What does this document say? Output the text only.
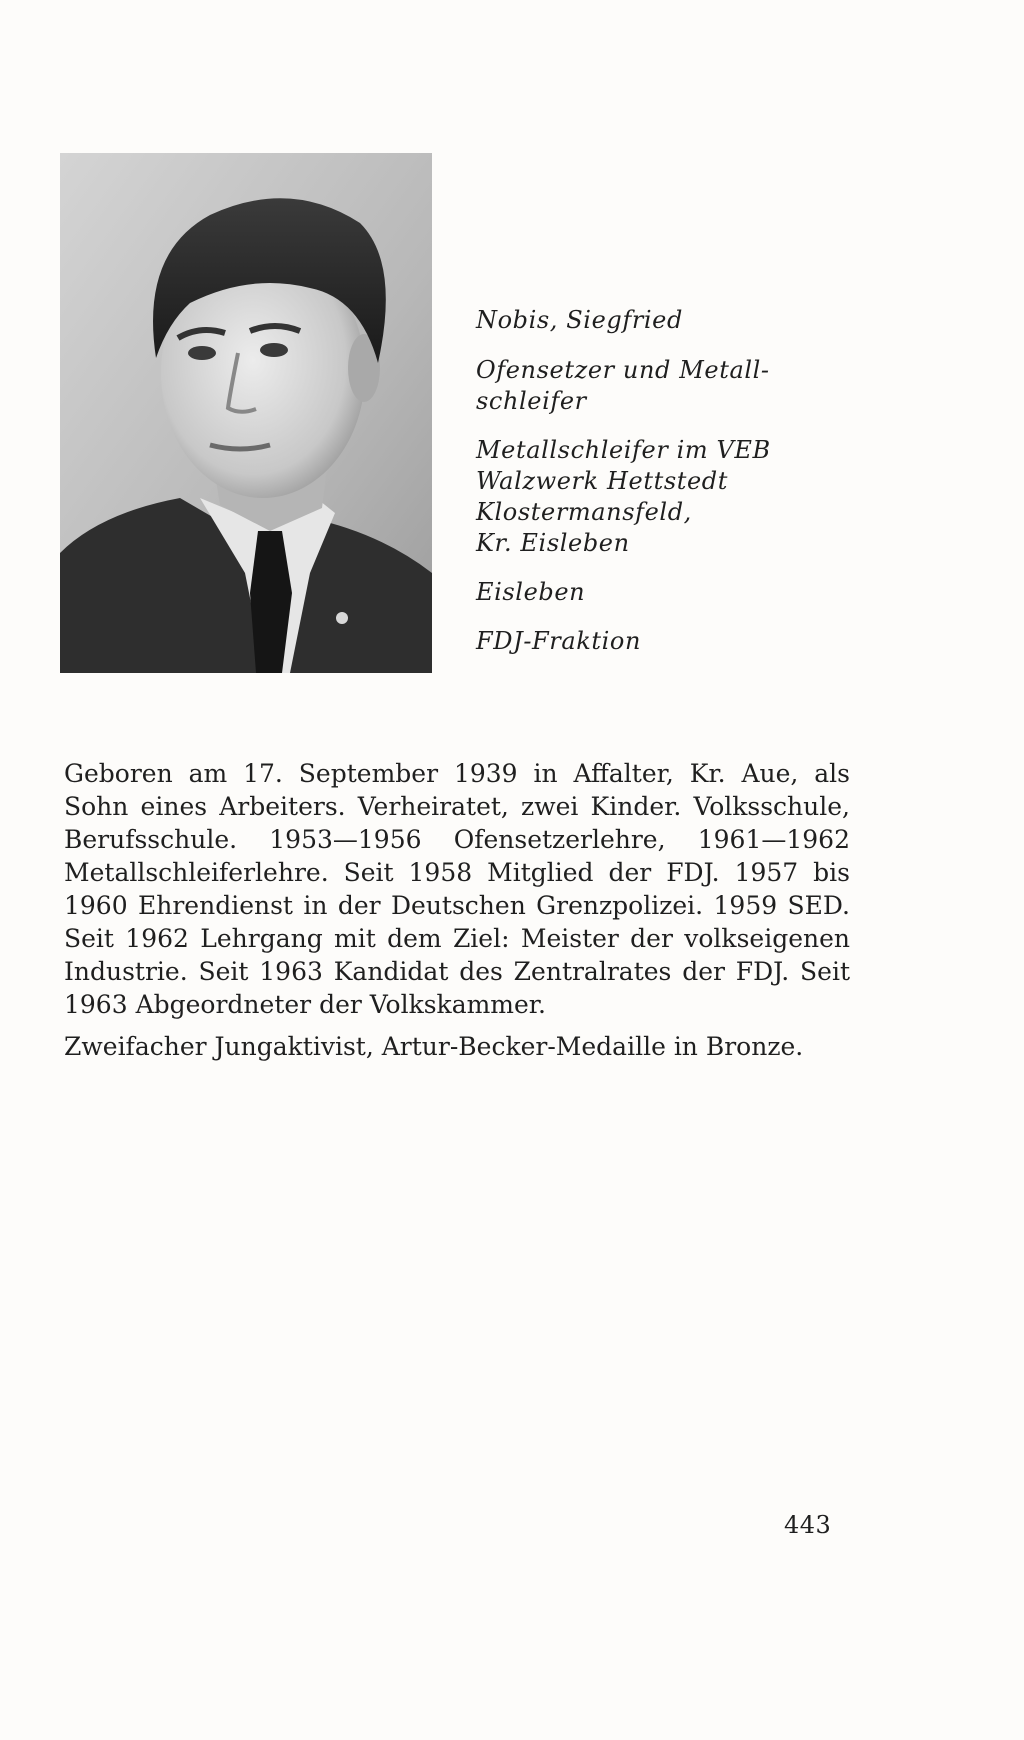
Nobis, Siegfried

Ofensetzer und Metall-
schleifer

Metallschleifer im VEB
Walzwerk Hettstedt
Klostermansfeld,
Kr. Eisleben

Eisleben

FDJ-Fraktion

Geboren am 17. September 1939 in Affalter, Kr. Aue, als Sohn eines Arbeiters. Verheiratet, zwei Kinder. Volksschule, Berufsschule. 1953—1956 Ofensetzerlehre, 1961—1962 Metallschleiferlehre. Seit 1958 Mitglied der FDJ. 1957 bis 1960 Ehrendienst in der Deutschen Grenzpolizei. 1959 SED. Seit 1962 Lehrgang mit dem Ziel: Meister der volkseigenen Industrie. Seit 1963 Kandidat des Zentralrates der FDJ. Seit 1963 Abgeordneter der Volkskammer.

Zweifacher Jungaktivist, Artur-Becker-Medaille in Bronze.

443
